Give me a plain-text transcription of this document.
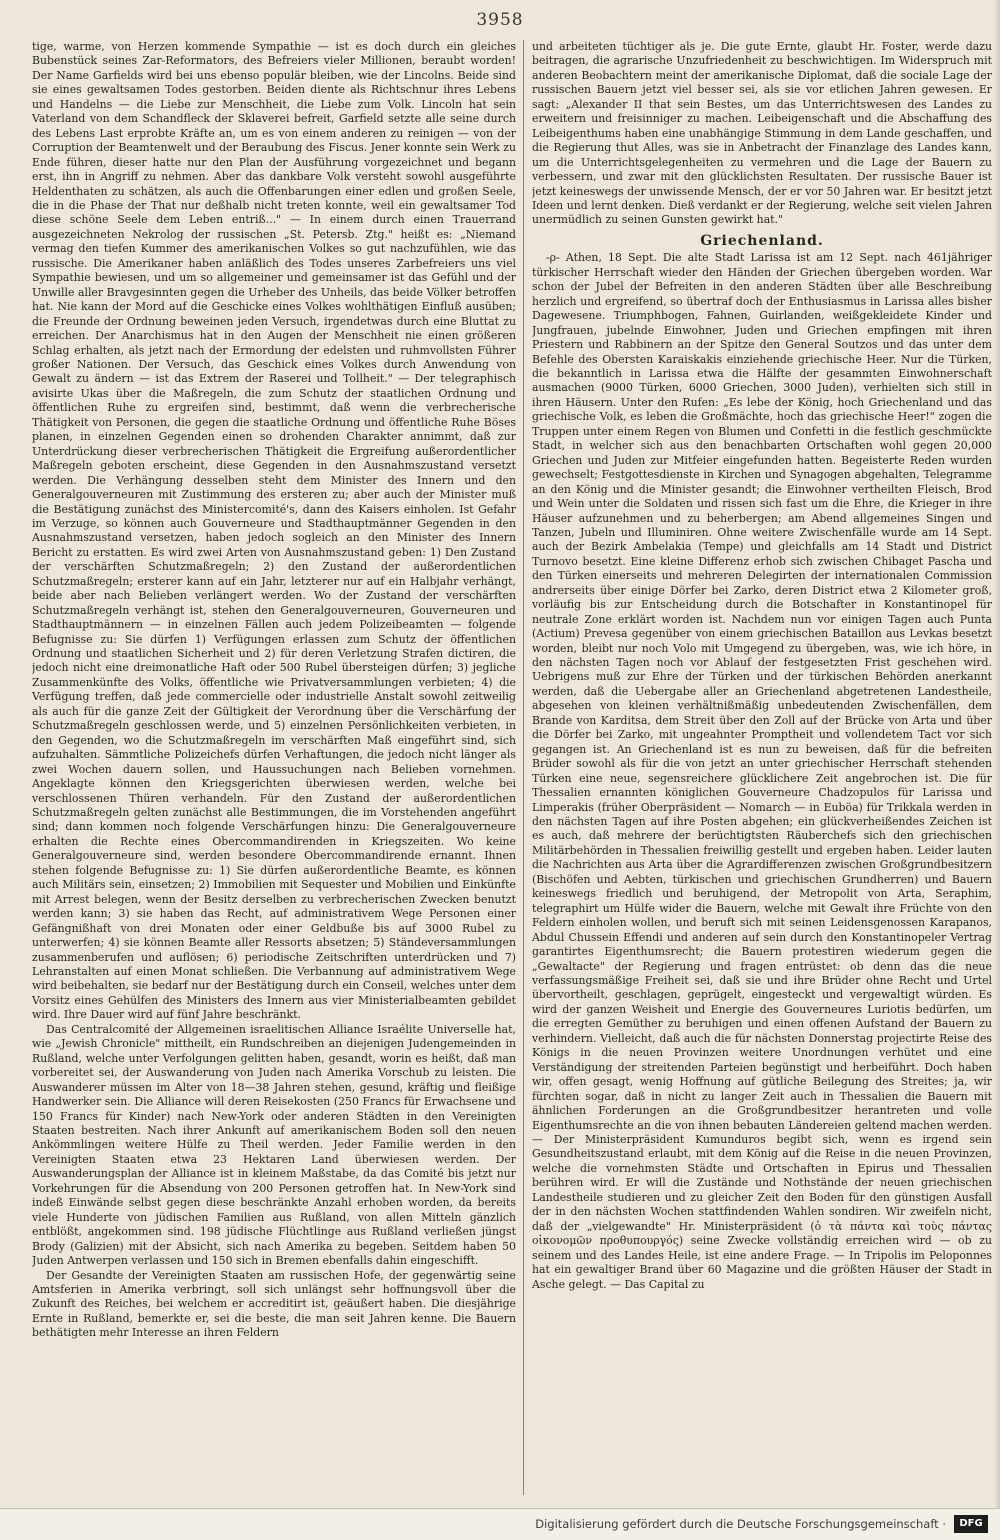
3958

tige, warme, von Herzen kommende Sympathie — ist es doch durch ein gleiches Bubenstück seines Zar-Reformators, des Befreiers vieler Millionen, beraubt worden! Der Name Garfields wird bei uns ebenso populär bleiben, wie der Lincolns. Beide sind sie eines gewaltsamen Todes gestorben. Beiden diente als Richtschnur ihres Lebens und Handelns — die Liebe zur Menschheit, die Liebe zum Volk. Lincoln hat sein Vaterland von dem Schandfleck der Sklaverei befreit, Garfield setzte alle seine durch des Lebens Last erprobte Kräfte an, um es von einem anderen zu reinigen — von der Corruption der Beamtenwelt und der Beraubung des Fiscus. Jener konnte sein Werk zu Ende führen, dieser hatte nur den Plan der Ausführung vorgezeichnet und begann erst, ihn in Angriff zu nehmen. Aber das dankbare Volk versteht sowohl ausgeführte Heldenthaten zu schätzen, als auch die Offenbarungen einer edlen und großen Seele, die in die Phase der That nur deßhalb nicht treten konnte, weil ein gewaltsamer Tod diese schöne Seele dem Leben entriß..." — In einem durch einen Trauerrand ausgezeichneten Nekrolog der russischen „St. Petersb. Ztg." heißt es: „Niemand vermag den tiefen Kummer des amerikanischen Volkes so gut nachzufühlen, wie das russische. Die Amerikaner haben anläßlich des Todes unseres Zarbefreiers uns viel Sympathie bewiesen, und um so allgemeiner und gemeinsamer ist das Gefühl und der Unwille aller Bravgesinnten gegen die Urheber des Unheils, das beide Völker betroffen hat. Nie kann der Mord auf die Geschicke eines Volkes wohlthätigen Einfluß ausüben; die Freunde der Ordnung beweinen jeden Versuch, irgendetwas durch eine Bluttat zu erreichen. Der Anarchismus hat in den Augen der Menschheit nie einen größeren Schlag erhalten, als jetzt nach der Ermordung der edelsten und ruhmvollsten Führer großer Nationen. Der Versuch, das Geschick eines Volkes durch Anwendung von Gewalt zu ändern — ist das Extrem der Raserei und Tollheit." — Der telegraphisch avisirte Ukas über die Maßregeln, die zum Schutz der staatlichen Ordnung und öffentlichen Ruhe zu ergreifen sind, bestimmt, daß wenn die verbrecherische Thätigkeit von Personen, die gegen die staatliche Ordnung und öffentliche Ruhe Böses planen, in einzelnen Gegenden einen so drohenden Charakter annimmt, daß zur Unterdrückung dieser verbrecherischen Thätigkeit die Ergreifung außerordentlicher Maßregeln geboten erscheint, diese Gegenden in den Ausnahmszustand versetzt werden. Die Verhängung desselben steht dem Minister des Innern und den Generalgouverneuren mit Zustimmung des ersteren zu; aber auch der Minister muß die Bestätigung zunächst des Ministercomité's, dann des Kaisers einholen. Ist Gefahr im Verzuge, so können auch Gouverneure und Stadthauptmänner Gegenden in den Ausnahmszustand versetzen, haben jedoch sogleich an den Minister des Innern Bericht zu erstatten. Es wird zwei Arten von Ausnahmszustand geben: 1) Den Zustand der verschärften Schutzmaßregeln; 2) den Zustand der außerordentlichen Schutzmaßregeln; ersterer kann auf ein Jahr, letzterer nur auf ein Halbjahr verhängt, beide aber nach Belieben verlängert werden. Wo der Zustand der verschärften Schutzmaßregeln verhängt ist, stehen den Generalgouverneuren, Gouverneuren und Stadthauptmännern — in einzelnen Fällen auch jedem Polizeibeamten — folgende Befugnisse zu: Sie dürfen 1) Verfügungen erlassen zum Schutz der öffentlichen Ordnung und staatlichen Sicherheit und 2) für deren Verletzung Strafen dictiren, die jedoch nicht eine dreimonatliche Haft oder 500 Rubel übersteigen dürfen; 3) jegliche Zusammenkünfte des Volks, öffentliche wie Privatversammlungen verbieten; 4) die Verfügung treffen, daß jede commercielle oder industrielle Anstalt sowohl zeitweilig als auch für die ganze Zeit der Gültigkeit der Verordnung über die Verschärfung der Schutzmaßregeln geschlossen werde, und 5) einzelnen Persönlichkeiten verbieten, in den Gegenden, wo die Schutzmaßregeln im verschärften Maß eingeführt sind, sich aufzuhalten. Sämmtliche Polizeichefs dürfen Verhaftungen, die jedoch nicht länger als zwei Wochen dauern sollen, und Haussuchungen nach Belieben vornehmen. Angeklagte können den Kriegsgerichten überwiesen werden, welche bei verschlossenen Thüren verhandeln. Für den Zustand der außerordentlichen Schutzmaßregeln gelten zunächst alle Bestimmungen, die im Vorstehenden angeführt sind; dann kommen noch folgende Verschärfungen hinzu: Die Generalgouverneure erhalten die Rechte eines Obercommandirenden in Kriegszeiten. Wo keine Generalgouverneure sind, werden besondere Obercommandirende ernannt. Ihnen stehen folgende Befugnisse zu: 1) Sie dürfen außerordentliche Beamte, es können auch Militärs sein, einsetzen; 2) Immobilien mit Sequester und Mobilien und Einkünfte mit Arrest belegen, wenn der Besitz derselben zu verbrecherischen Zwecken benutzt werden kann; 3) sie haben das Recht, auf administrativem Wege Personen einer Gefängnißhaft von drei Monaten oder einer Geldbuße bis auf 3000 Rubel zu unterwerfen; 4) sie können Beamte aller Ressorts absetzen; 5) Ständeversammlungen zusammenberufen und auflösen; 6) periodische Zeitschriften unterdrücken und 7) Lehranstalten auf einen Monat schließen. Die Verbannung auf administrativem Wege wird beibehalten, sie bedarf nur der Bestätigung durch ein Conseil, welches unter dem Vorsitz eines Gehülfen des Ministers des Innern aus vier Ministerialbeamten gebildet wird. Ihre Dauer wird auf fünf Jahre beschränkt.

Das Centralcomité der Allgemeinen israelitischen Alliance Israélite Universelle hat, wie „Jewish Chronicle" mittheilt, ein Rundschreiben an diejenigen Judengemeinden in Rußland, welche unter Verfolgungen gelitten haben, gesandt, worin es heißt, daß man vorbereitet sei, der Auswanderung von Juden nach Amerika Vorschub zu leisten. Die Auswanderer müssen im Alter von 18—38 Jahren stehen, gesund, kräftig und fleißige Handwerker sein. Die Alliance will deren Reisekosten (250 Francs für Erwachsene und 150 Francs für Kinder) nach New-York oder anderen Städten in den Vereinigten Staaten bestreiten. Nach ihrer Ankunft auf amerikanischem Boden soll den neuen Ankömmlingen weitere Hülfe zu Theil werden. Jeder Familie werden in den Vereinigten Staaten etwa 23 Hektaren Land überwiesen werden. Der Auswanderungsplan der Alliance ist in kleinem Maßstabe, da das Comité bis jetzt nur Vorkehrungen für die Absendung von 200 Personen getroffen hat. In New-York sind indeß Einwände selbst gegen diese beschränkte Anzahl erhoben worden, da bereits viele Hunderte von jüdischen Familien aus Rußland, von allen Mitteln gänzlich entblößt, angekommen sind. 198 jüdische Flüchtlinge aus Rußland verließen jüngst Brody (Galizien) mit der Absicht, sich nach Amerika zu begeben. Seitdem haben 50 Juden Antwerpen verlassen und 150 sich in Bremen ebenfalls dahin eingeschifft.

Der Gesandte der Vereinigten Staaten am russischen Hofe, der gegenwärtig seine Amtsferien in Amerika verbringt, soll sich unlängst sehr hoffnungsvoll über die Zukunft des Reiches, bei welchem er accreditirt ist, geäußert haben. Die diesjährige Ernte in Rußland, bemerkte er, sei die beste, die man seit Jahren kenne. Die Bauern bethätigten mehr Interesse an ihren Feldern

und arbeiteten tüchtiger als je. Die gute Ernte, glaubt Hr. Foster, werde dazu beitragen, die agrarische Unzufriedenheit zu beschwichtigen. Im Widerspruch mit anderen Beobachtern meint der amerikanische Diplomat, daß die sociale Lage der russischen Bauern jetzt viel besser sei, als sie vor etlichen Jahren gewesen. Er sagt: „Alexander II that sein Bestes, um das Unterrichtswesen des Landes zu erweitern und freisinniger zu machen. Leibeigenschaft und die Abschaffung des Leibeigenthums haben eine unabhängige Stimmung in dem Lande geschaffen, und die Regierung thut Alles, was sie in Anbetracht der Finanzlage des Landes kann, um die Unterrichtsgelegenheiten zu vermehren und die Lage der Bauern zu verbessern, und zwar mit den glücklichsten Resultaten. Der russische Bauer ist jetzt keineswegs der unwissende Mensch, der er vor 50 Jahren war. Er besitzt jetzt Ideen und lernt denken. Dieß verdankt er der Regierung, welche seit vielen Jahren unermüdlich zu seinen Gunsten gewirkt hat."

Griechenland.

-ρ- Athen, 18 Sept. Die alte Stadt Larissa ist am 12 Sept. nach 461jähriger türkischer Herrschaft wieder den Händen der Griechen übergeben worden. War schon der Jubel der Befreiten in den anderen Städten über alle Beschreibung herzlich und ergreifend, so übertraf doch der Enthusiasmus in Larissa alles bisher Dagewesene. Triumphbogen, Fahnen, Guirlanden, weißgekleidete Kinder und Jungfrauen, jubelnde Einwohner, Juden und Griechen empfingen mit ihren Priestern und Rabbinern an der Spitze den General Soutzos und das unter dem Befehle des Obersten Karaiskakis einziehende griechische Heer. Nur die Türken, die bekanntlich in Larissa etwa die Hälfte der gesammten Einwohnerschaft ausmachen (9000 Türken, 6000 Griechen, 3000 Juden), verhielten sich still in ihren Häusern. Unter den Rufen: „Es lebe der König, hoch Griechenland und das griechische Volk, es leben die Großmächte, hoch das griechische Heer!" zogen die Truppen unter einem Regen von Blumen und Confetti in die festlich geschmückte Stadt, in welcher sich aus den benachbarten Ortschaften wohl gegen 20,000 Griechen und Juden zur Mitfeier eingefunden hatten. Begeisterte Reden wurden gewechselt; Festgottesdienste in Kirchen und Synagogen abgehalten, Telegramme an den König und die Minister gesandt; die Einwohner vertheilten Fleisch, Brod und Wein unter die Soldaten und rissen sich fast um die Ehre, die Krieger in ihre Häuser aufzunehmen und zu beherbergen; am Abend allgemeines Singen und Tanzen, Jubeln und Illuminiren. Ohne weitere Zwischenfälle wurde am 14 Sept. auch der Bezirk Ambelakia (Tempe) und gleichfalls am 14 Stadt und District Turnovo besetzt. Eine kleine Differenz erhob sich zwischen Chibaget Pascha und den Türken einerseits und mehreren Delegirten der internationalen Commission andrerseits über einige Dörfer bei Zarko, deren District etwa 2 Kilometer groß, vorläufig bis zur Entscheidung durch die Botschafter in Konstantinopel für neutrale Zone erklärt worden ist. Nachdem nun vor einigen Tagen auch Punta (Actium) Prevesa gegenüber von einem griechischen Bataillon aus Levkas besetzt worden, bleibt nur noch Volo mit Umgegend zu übergeben, was, wie ich höre, in den nächsten Tagen noch vor Ablauf der festgesetzten Frist geschehen wird. Uebrigens muß zur Ehre der Türken und der türkischen Behörden anerkannt werden, daß die Uebergabe aller an Griechenland abgetretenen Landestheile, abgesehen von kleinen verhältnißmäßig unbedeutenden Zwischenfällen, dem Brande von Karditsa, dem Streit über den Zoll auf der Brücke von Arta und über die Dörfer bei Zarko, mit ungeahnter Promptheit und vollendetem Tact vor sich gegangen ist. An Griechenland ist es nun zu beweisen, daß für die befreiten Brüder sowohl als für die von jetzt an unter griechischer Herrschaft stehenden Türken eine neue, segensreichere glücklichere Zeit angebrochen ist. Die für Thessalien ernannten königlichen Gouverneure Chadzopulos für Larissa und Limperakis (früher Oberpräsident — Nomarch — in Euböa) für Trikkala werden in den nächsten Tagen auf ihre Posten abgehen; ein glückverheißendes Zeichen ist es auch, daß mehrere der berüchtigtsten Räuberchefs sich den griechischen Militärbehörden in Thessalien freiwillig gestellt und ergeben haben. Leider lauten die Nachrichten aus Arta über die Agrardifferenzen zwischen Großgrundbesitzern (Bischöfen und Aebten, türkischen und griechischen Grundherren) und Bauern keineswegs friedlich und beruhigend, der Metropolit von Arta, Seraphim, telegraphirt um Hülfe wider die Bauern, welche mit Gewalt ihre Früchte von den Feldern einholen wollen, und beruft sich mit seinen Leidensgenossen Karapanos, Abdul Chussein Effendi und anderen auf sein durch den Konstantinopeler Vertrag garantirtes Eigenthumsrecht; die Bauern protestiren wiederum gegen die „Gewaltacte" der Regierung und fragen entrüstet: ob denn das die neue verfassungsmäßige Freiheit sei, daß sie und ihre Brüder ohne Recht und Urtel übervortheilt, geschlagen, geprügelt, eingesteckt und vergewaltigt würden. Es wird der ganzen Weisheit und Energie des Gouverneures Luriotis bedürfen, um die erregten Gemüther zu beruhigen und einen offenen Aufstand der Bauern zu verhindern. Vielleicht, daß auch die für nächsten Donnerstag projectirte Reise des Königs in die neuen Provinzen weitere Unordnungen verhütet und eine Verständigung der streitenden Parteien begünstigt und herbeiführt. Doch haben wir, offen gesagt, wenig Hoffnung auf gütliche Beilegung des Streites; ja, wir fürchten sogar, daß in nicht zu langer Zeit auch in Thessalien die Bauern mit ähnlichen Forderungen an die Großgrundbesitzer herantreten und volle Eigenthumsrechte an die von ihnen bebauten Ländereien geltend machen werden. — Der Ministerpräsident Kumunduros begibt sich, wenn es irgend sein Gesundheitszustand erlaubt, mit dem König auf die Reise in die neuen Provinzen, welche die vornehmsten Städte und Ortschaften in Epirus und Thessalien berühren wird. Er will die Zustände und Nothstände der neuen griechischen Landestheile studieren und zu gleicher Zeit den Boden für den günstigen Ausfall der in den nächsten Wochen stattfindenden Wahlen sondiren. Wir zweifeln nicht, daß der „vielgewandte" Hr. Ministerpräsident (ὁ τὰ πάντα καὶ τοὺς πάντας οἰκονομῶν προθυπουργός) seine Zwecke vollständig erreichen wird — ob zu seinem und des Landes Heile, ist eine andere Frage. — In Tripolis im Peloponnes hat ein gewaltiger Brand über 60 Magazine und die größten Häuser der Stadt in Asche gelegt. — Das Capital zu

Digitalisierung gefördert durch die Deutsche Forschungsgemeinschaft ·	DFG
